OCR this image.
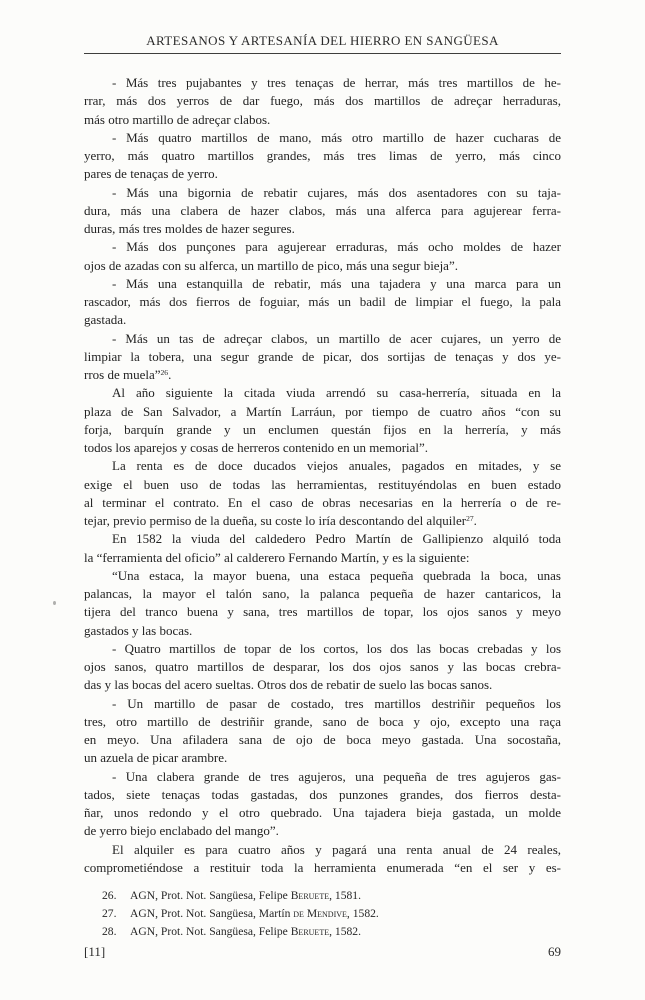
ARTESANOS Y ARTESANÍA DEL HIERRO EN SANGÜESA

- Más tres pujabantes y tres tenaças de herrar, más tres martillos de he-
rrar, más dos yerros de dar fuego, más dos martillos de adreçar herraduras,
más otro martillo de adreçar clabos.

- Más quatro martillos de mano, más otro martillo de hazer cucharas de
yerro, más quatro martillos grandes, más tres limas de yerro, más cinco
pares de tenaças de yerro.

- Más una bigornia de rebatir cujares, más dos asentadores con su taja-
dura, más una clabera de hazer clabos, más una alferca para agujerear ferra-
duras, más tres moldes de hazer segures.

- Más dos punçones para agujerear erraduras, más ocho moldes de hazer
ojos de azadas con su alferca, un martillo de pico, más una segur bieja”.

- Más una estanquilla de rebatir, más una tajadera y una marca para un
rascador, más dos fierros de foguiar, más un badil de limpiar el fuego, la pala
gastada.

- Más un tas de adreçar clabos, un martillo de acer cujares, un yerro de
limpiar la tobera, una segur grande de picar, dos sortijas de tenaças y dos ye-
rros de muela”$^{26}$.

Al año siguiente la citada viuda arrendó su casa-herrería, situada en la
plaza de San Salvador, a Martín Larráun, por tiempo de cuatro años “con su
forja, barquín grande y un enclumen questán fijos en la herrería, y más
todos los aparejos y cosas de herreros contenido en un memorial”.

La renta es de doce ducados viejos anuales, pagados en mitades, y se
exige el buen uso de todas las herramientas, restituyéndolas en buen estado
al terminar el contrato. En el caso de obras necesarias en la herrería o de re-
tejar, previo permiso de la dueña, su coste lo iría descontando del alquiler$^{27}$.

En 1582 la viuda del caldedero Pedro Martín de Gallipienzo alquiló toda
la “ferramienta del oficio” al calderero Fernando Martín, y es la siguiente:

“Una estaca, la mayor buena, una estaca pequeña quebrada la boca, unas
palancas, la mayor el talón sano, la palanca pequeña de hazer cantaricos, la
tijera del tranco buena y sana, tres martillos de topar, los ojos sanos y meyo
gastados y las bocas.

- Quatro martillos de topar de los cortos, los dos las bocas crebadas y los
ojos sanos, quatro martillos de desparar, los dos ojos sanos y las bocas crebra-
das y las bocas del acero sueltas. Otros dos de rebatir de suelo las bocas sanos.

- Un martillo de pasar de costado, tres martillos destriñir pequeños los
tres, otro martillo de destriñir grande, sano de boca y ojo, excepto una raça
en meyo. Una afiladera sana de ojo de boca meyo gastada. Una socostaña,
un azuela de picar arambre.

- Una clabera grande de tres agujeros, una pequeña de tres agujeros gas-
tados, siete tenaças todas gastadas, dos punzones grandes, dos fierros desta-
ñar, unos redondo y el otro quebrado. Una tajadera bieja gastada, un molde
de yerro biejo enclabado del mango”.

El alquiler es para cuatro años y pagará una renta anual de 24 reales,
comprometiéndose a restituir toda la herramienta enumerada “en el ser y es-

26.	AGN, Prot. Not. Sangüesa, Felipe Beruete, 1581.
27.	AGN, Prot. Not. Sangüesa, Martín de Mendive, 1582.
28.	AGN, Prot. Not. Sangüesa, Felipe Beruete, 1582.
[11]	69
